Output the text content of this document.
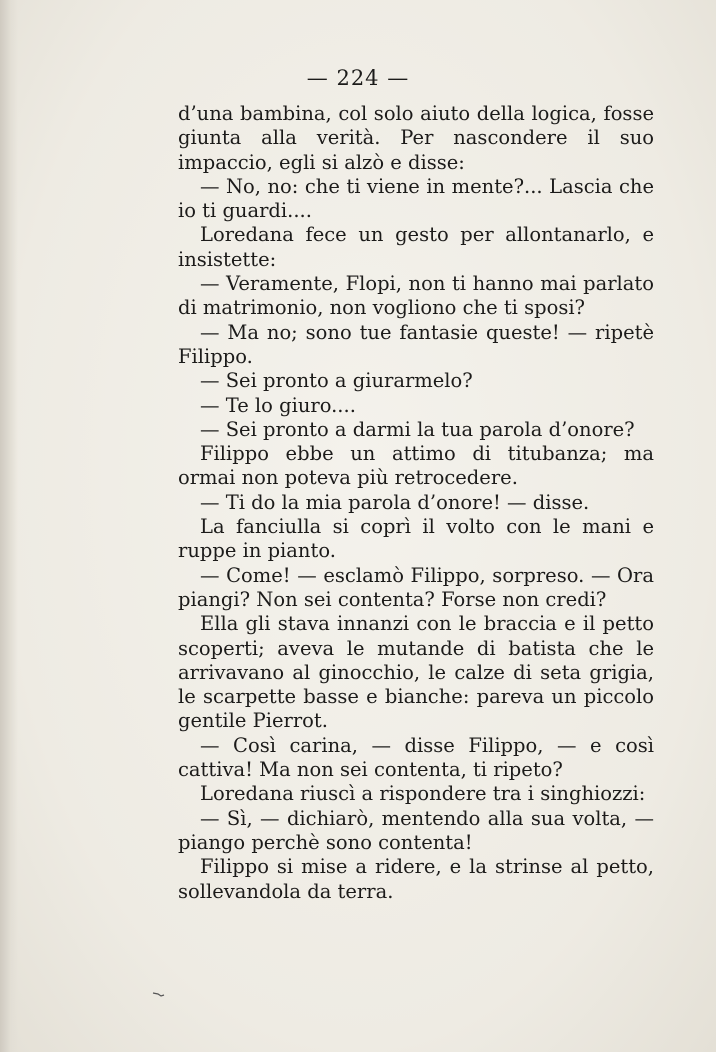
— 224 —

d’una bambina, col solo aiuto della logica, fosse giunta alla verità. Per nascondere il suo impaccio, egli si alzò e disse:

— No, no: che ti viene in mente?... Lascia che io ti guardi....

Loredana fece un gesto per allontanarlo, e insistette:

— Veramente, Flopi, non ti hanno mai parlato di matrimonio, non vogliono che ti sposi?

— Ma no; sono tue fantasie queste! — ripetè Filippo.

— Sei pronto a giurarmelo?

— Te lo giuro....

— Sei pronto a darmi la tua parola d’onore?

Filippo ebbe un attimo di titubanza; ma ormai non poteva più retrocedere.

— Ti do la mia parola d’onore! — disse.

La fanciulla si coprì il volto con le mani e ruppe in pianto.

— Come! — esclamò Filippo, sorpreso. — Ora piangi? Non sei contenta? Forse non credi?

Ella gli stava innanzi con le braccia e il petto scoperti; aveva le mutande di batista che le arrivavano al ginocchio, le calze di seta grigia, le scarpette basse e bianche: pareva un piccolo gentile Pierrot.

— Così carina, — disse Filippo, — e così cattiva! Ma non sei contenta, ti ripeto?

Loredana riuscì a rispondere tra i singhiozzi:

— Sì, — dichiarò, mentendo alla sua volta, — piango perchè sono contenta!

Filippo si mise a ridere, e la strinse al petto, sollevandola da terra.
